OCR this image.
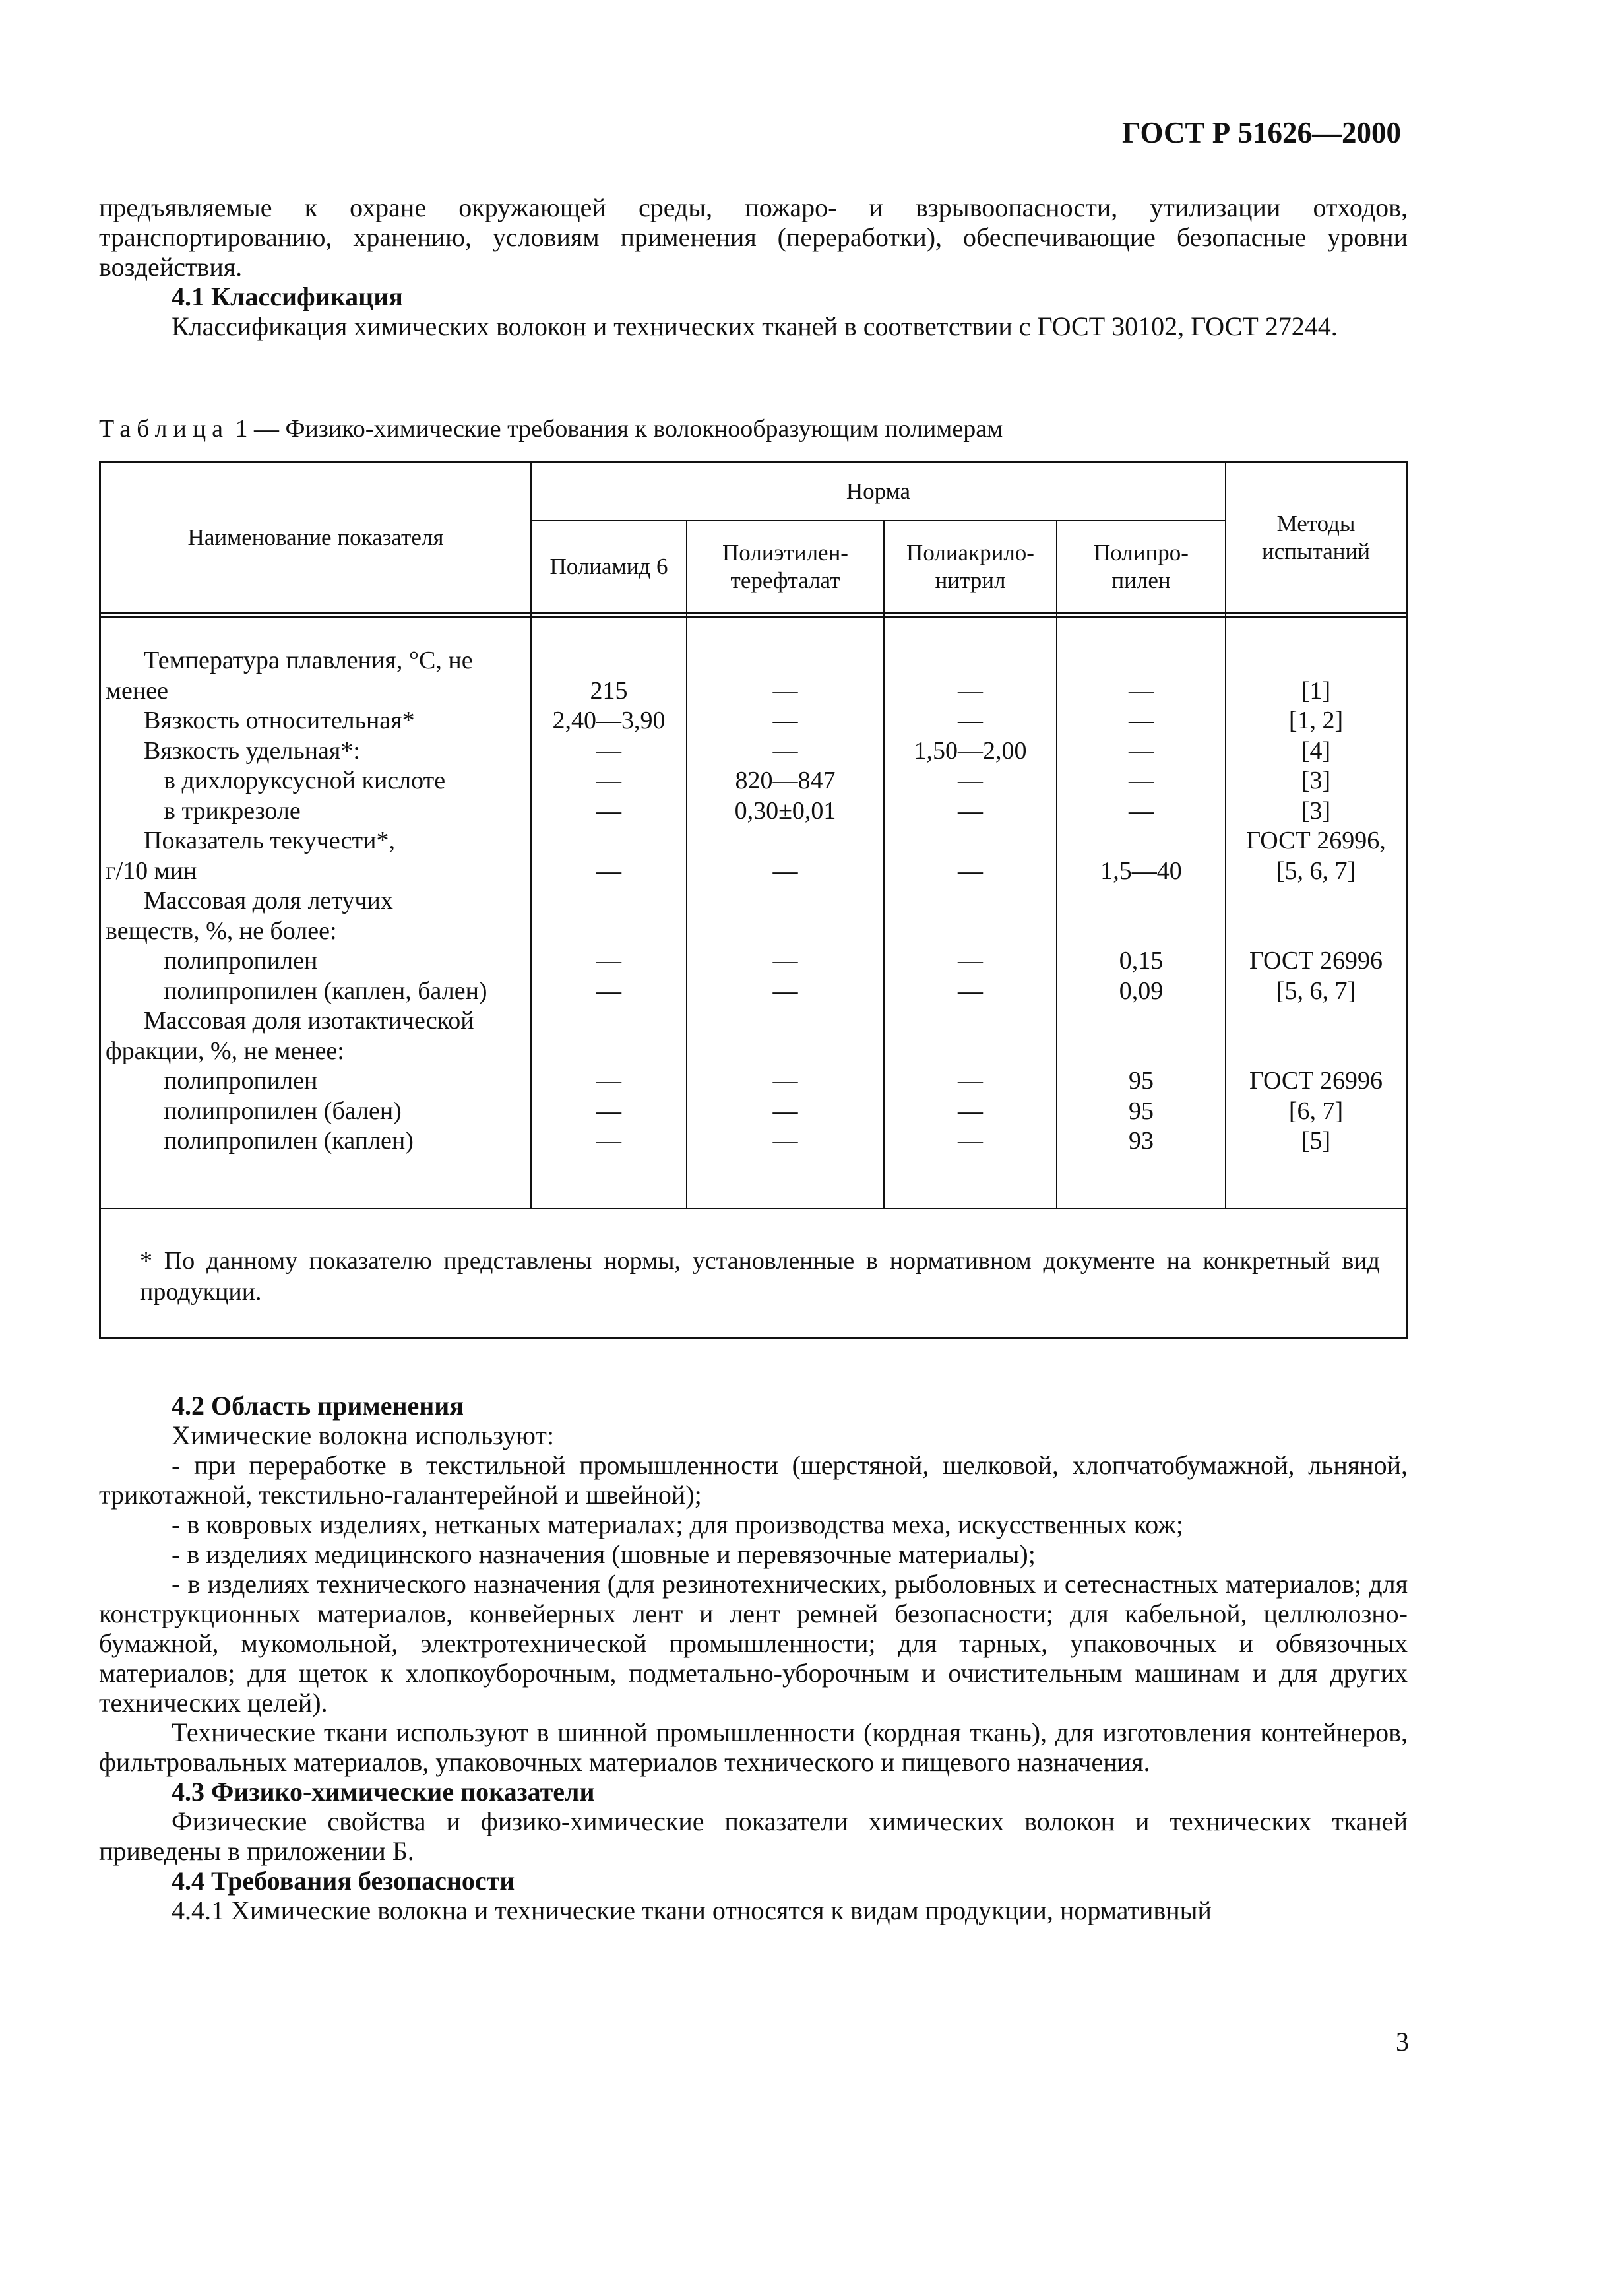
ГОСТ Р 51626—2000

предъявляемые к охране окружающей среды, пожаро- и взрывоопасности, утилизации отходов, транспортированию, хранению, условиям применения (переработки), обеспечивающие безопасные уровни воздействия.

4.1 Классификация

Классификация химических волокон и технических тканей в соответствии с ГОСТ 30102, ГОСТ 27244.

Таблица 1 — Физико-химические требования к волокнообразующим полимерам
Наименование показателя
Норма
Полиамид 6
Полиэтилен-терефталат
Полиакрило-нитрил
Полипро-пилен
Методы испытаний
Температура плавления, °С, не
менее
Вязкость относительная*
Вязкость удельная*:
в дихлоруксусной кислоте
в трикрезоле
Показатель текучести*,
г/10 мин
Массовая доля летучих
веществ, %, не более:
полипропилен
полипропилен (каплен, бален)
Массовая доля изотактической
фракции, %, не менее:
полипропилен
полипропилен (бален)
полипропилен (каплен)
215
2,40—3,90
—
—
—
—
—
—
—
—
—
—
—
—
820—847
0,30±0,01
—
—
—
—
—
—
—
—
1,50—2,00
—
—
—
—
—
—
—
—
—
—
—
—
—
1,5—40
0,15
0,09
95
95
93
[1]
[1, 2]
[4]
[3]
[3]
ГОСТ 26996,
[5, 6, 7]
ГОСТ 26996
[5, 6, 7]
ГОСТ 26996
[6, 7]
[5]
* По данному показателю представлены нормы, установленные в нормативном документе на конкретный вид продукции.

4.2 Область применения

Химические волокна используют:

- при переработке в текстильной промышленности (шерстяной, шелковой, хлопчатобумажной, льняной, трикотажной, текстильно-галантерейной и швейной);

- в ковровых изделиях, нетканых материалах; для производства меха, искусственных кож;

- в изделиях медицинского назначения (шовные и перевязочные материалы);

- в изделиях технического назначения (для резинотехнических, рыболовных и сетеснастных материалов; для конструкционных материалов, конвейерных лент и лент ремней безопасности; для кабельной, целлюлозно-бумажной, мукомольной, электротехнической промышленности; для тарных, упаковочных и обвязочных материалов; для щеток к хлопкоуборочным, подметально-уборочным и очистительным машинам и для других технических целей).

Технические ткани используют в шинной промышленности (кордная ткань), для изготовления контейнеров, фильтровальных материалов, упаковочных материалов технического и пищевого назначения.

4.3 Физико-химические показатели

Физические свойства и физико-химические показатели химических волокон и технических тканей приведены в приложении Б.

4.4 Требования безопасности

4.4.1 Химические волокна и технические ткани относятся к видам продукции, нормативный

3
